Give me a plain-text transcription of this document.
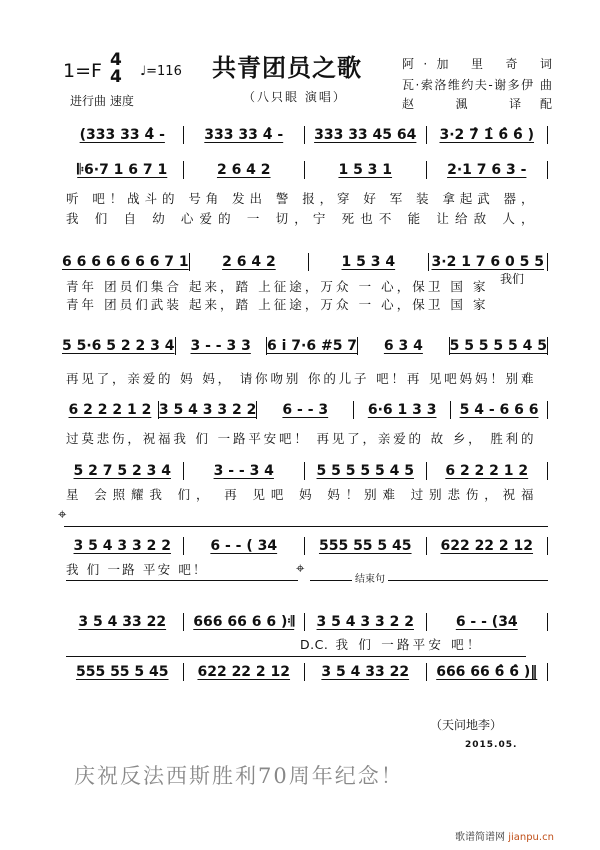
1=F 4
4 ♩=116
进行曲 速度
共青团员之歌
（八只眼 演唱）
阿·加 里 奇 词
瓦·索洛维约夫-谢多伊 曲
赵 渢 译配
(333 33 4̂ -	333 33 4̂ -	333 33 45 64	3·2 7̂ 1̂ 6̂ 6̂ )
𝄆6·7 1 6 7 1	2 6 4 2	1 5 3 1	2·1 7 6 3 -
听 吧！战斗的 号角 发出 警 报，穿 好 军 装 拿起武 器，
我 们 自 幼 心爱的 一 切，宁 死也不 能 让给敌 人，
6 6 6 6 6 6 6 7 1	2 6 4 2	1 5 3 4	3·2 1 7 6 0 5 5
青年 团员们集合 起来，踏 上征途，万众 一 心，保卫 国 家
青年 团员们武装 起来，踏 上征途，万众 一 心，保卫 国 家
5 5·6 5 2 2 3 4	3 - - 3 3	6 i 7·6 #5 7	6 3 4	5 5 5 5 5 4 5
再见了，亲爱的 妈 妈， 请你吻别 你的儿子 吧！再 见吧妈妈！别难
6 2 2 2 1 2 3 5 4 3 3 2 2	6 - - 3	6·6 1 3 3	5 4 - 6 6 6
过莫悲伤，祝福我 们 一路平安吧！ 再见了，亲爱的 故 乡， 胜利的
5 2 7 5 2 3 4	3 - - 3 4	5 5 5 5 5 4 5	6 2 2 2 1 2
星 会照耀我 们， 再 见吧 妈 妈！别难 过别悲伤，祝福
3 5 4 3 3 2 2	6 - - ( 34	555 55 5 45	622 22 2 12
我 们 一路 平安 吧！
3 5 4 33 22	666 66 6 6 )𝄇	3 5 4 3 3 2 2	6 - - (34
D.C. 我 们 一路平安 吧！
555 55 5 45	622 22 2 12	3 5 4 33 22	666 66 6̂ 6̂ )‖
⌖
⌖
结束句
我们
（天问地李）
2015.05.
庆祝反法西斯胜利70周年纪念！
歌谱简谱网 jianpu.cn
